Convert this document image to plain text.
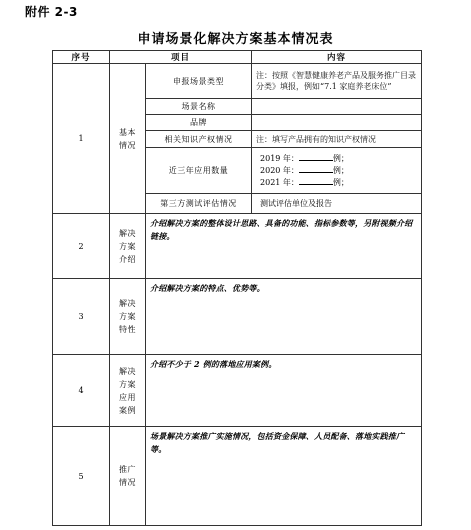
附件 2-3
申请场景化解决方案基本情况表
序号	项目		内容
1	基本情况	申报场景类型	注：按照《智慧健康养老产品及服务推广目录分类》填报，例如“7.1 家庭养老床位”
		场景名称	
		品牌	
		相关知识产权情况	注：填写产品拥有的知识产权情况
		近三年应用数量	2019 年： 例；
2020 年： 例；
2021 年： 例；

		第三方测试评估情况	测试评估单位及报告
2	解决方案介绍	介绍解决方案的整体设计思路、具备的功能、指标参数等，另附视频介绍链接。	
3	解决方案特性	介绍解决方案的特点、优势等。	
4	解决方案应用案例	介绍不少于 2 例的落地应用案例。	
5	推广情况	场景解决方案推广实施情况，包括资金保障、人员配备、落地实践推广等。	
